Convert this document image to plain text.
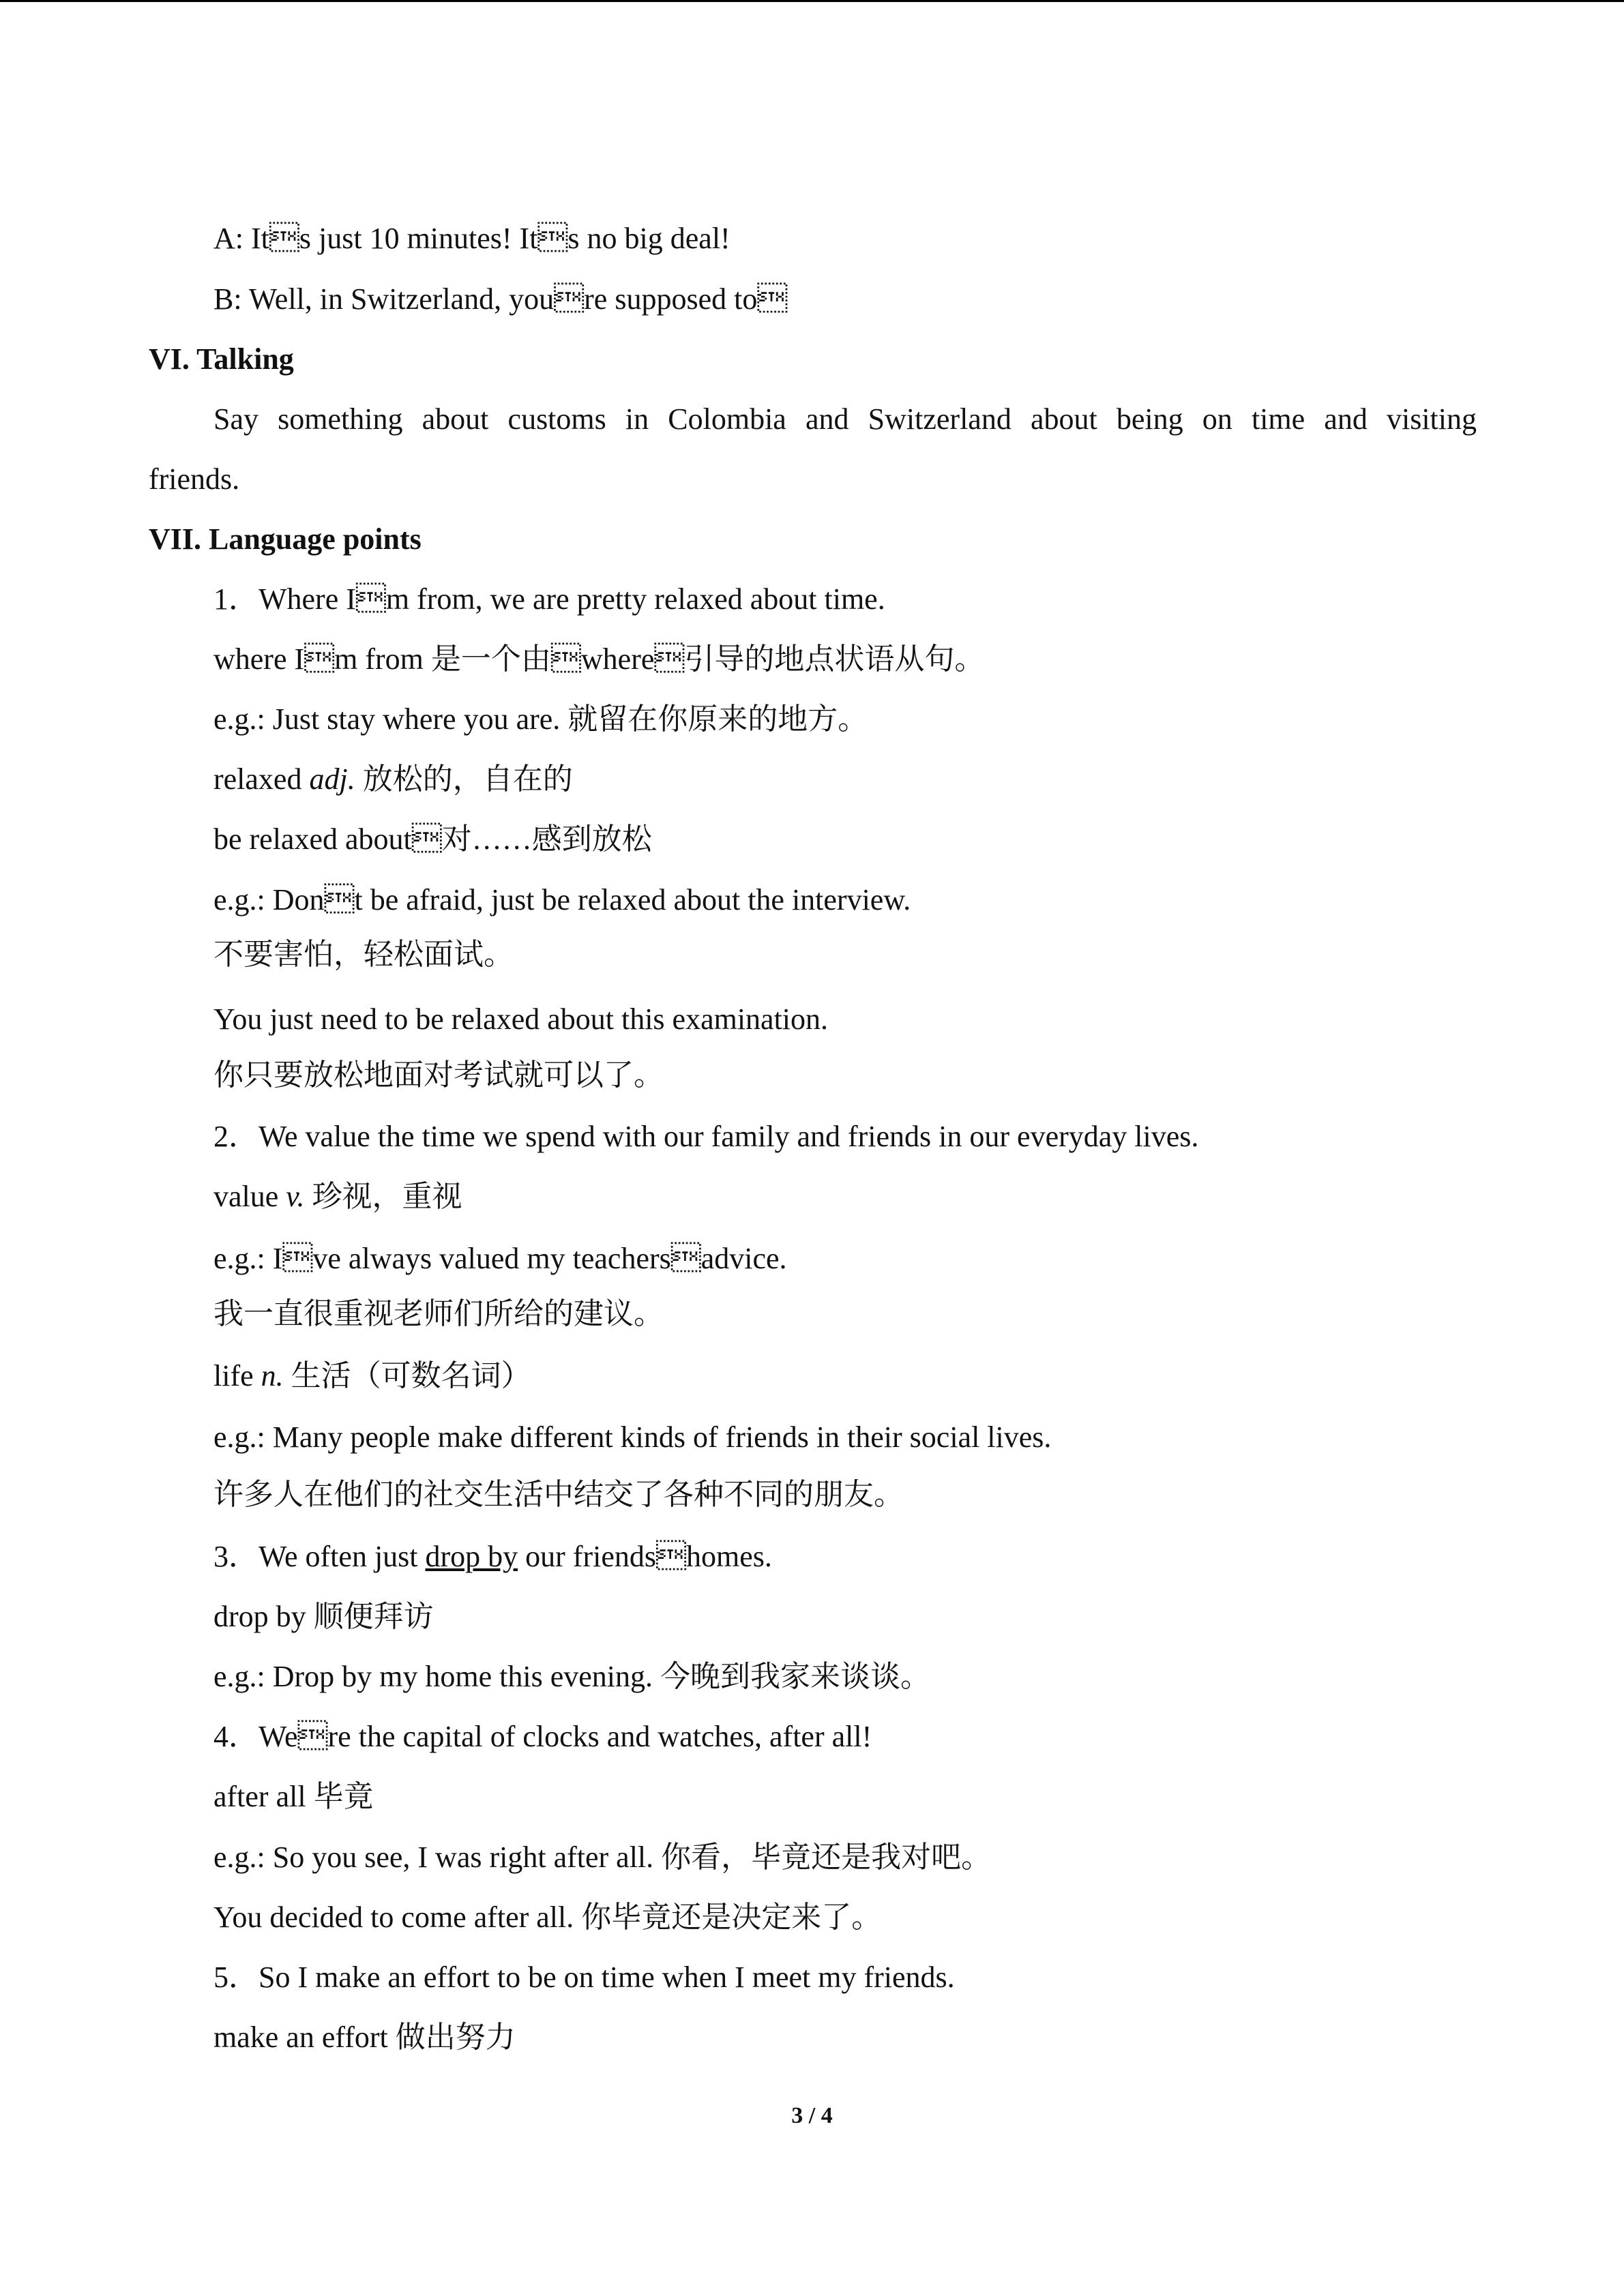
A: Its just 10 minutes! Its no big deal!

B: Well, in Switzerland, youre supposed to

VI. Talking

Say something about customs in Colombia and Switzerland about being on time and visiting

friends.

VII. Language points

1．Where Im from, we are pretty relaxed about time.

where Im from 是一个由where引导的地点状语从句。

e.g.: Just stay where you are. 就留在你原来的地方。

relaxed adj. 放松的，自在的

be relaxed about对……感到放松

e.g.: Dont be afraid, just be relaxed about the interview.

不要害怕，轻松面试。

You just need to be relaxed about this examination.

你只要放松地面对考试就可以了。

2．We value the time we spend with our family and friends in our everyday lives.

value v. 珍视，重视

e.g.: Ive always valued my teachersadvice.

我一直很重视老师们所给的建议。

life n. 生活（可数名词）

e.g.: Many people make different kinds of friends in their social lives.

许多人在他们的社交生活中结交了各种不同的朋友。

3．We often just drop by our friendshomes.

drop by 顺便拜访

e.g.: Drop by my home this evening. 今晚到我家来谈谈。

4．Were the capital of clocks and watches, after all!

after all 毕竟

e.g.: So you see, I was right after all. 你看，毕竟还是我对吧。

You decided to come after all. 你毕竟还是决定来了。

5．So I make an effort to be on time when I meet my friends.

make an effort 做出努力

3 / 4
